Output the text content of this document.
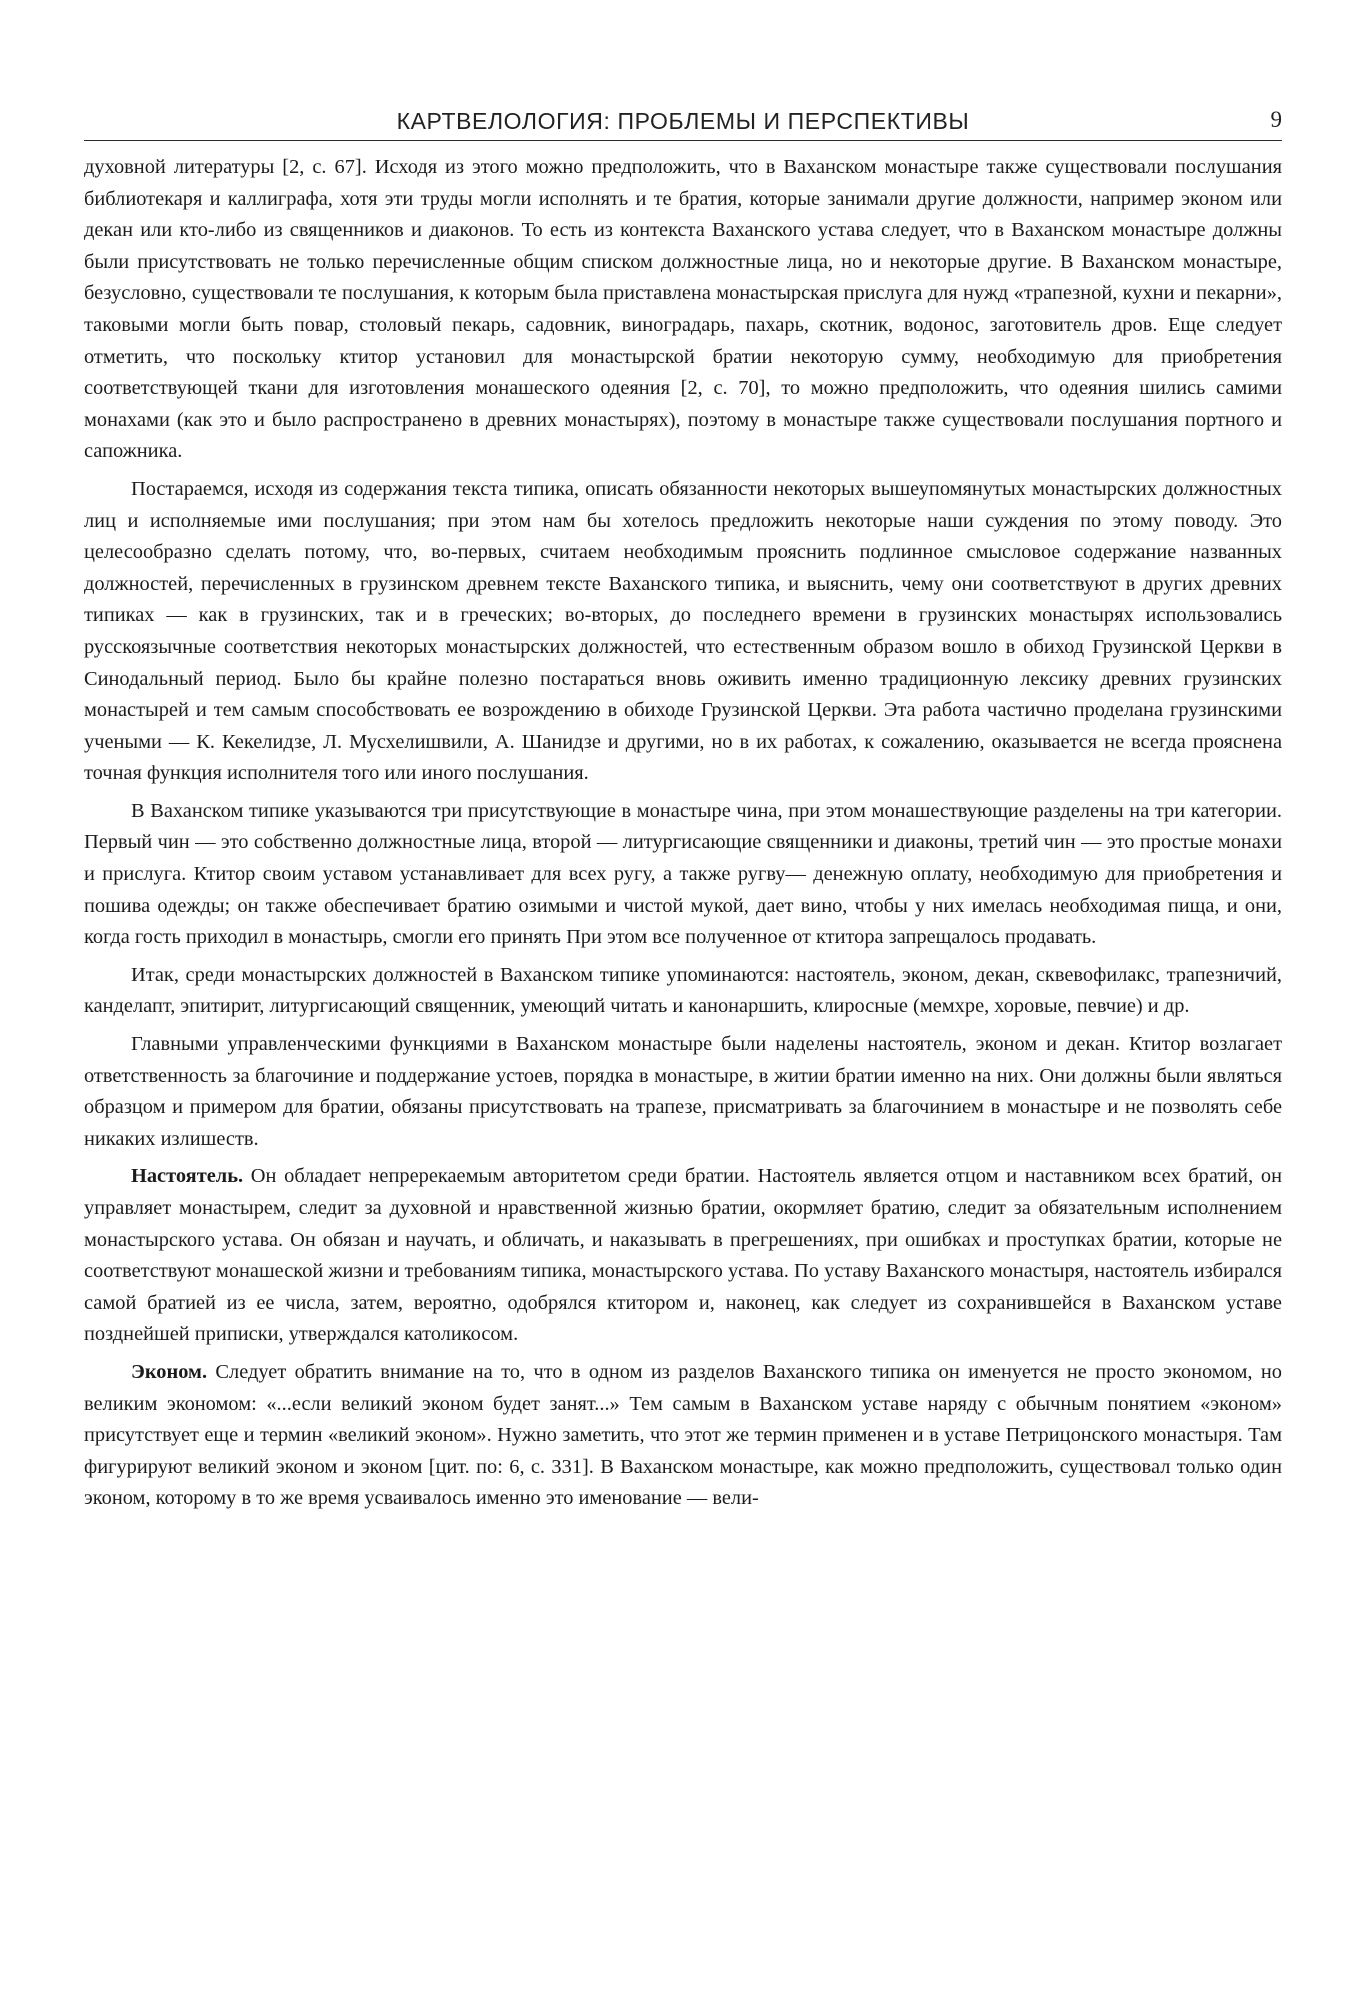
КАРТВЕЛОЛОГИЯ: ПРОБЛЕМЫ И ПЕРСПЕКТИВЫ	9

духовной литературы [2, с. 67]. Исходя из этого можно предположить, что в Ваханском монастыре также существовали послушания библиотекаря и каллиграфа, хотя эти труды могли исполнять и те братия, которые занимали другие должности, например эконом или декан или кто-либо из священников и диаконов. То есть из контекста Ваханского устава следует, что в Ваханском монастыре должны были присутствовать не только перечисленные общим списком должностные лица, но и некоторые другие. В Ваханском монастыре, безусловно, существовали те послушания, к которым была приставлена монастырская прислуга для нужд «трапезной, кухни и пекарни», таковыми могли быть повар, столовый пекарь, садовник, виноградарь, пахарь, скотник, водонос, заготовитель дров. Еще следует отметить, что поскольку ктитор установил для монастырской братии некоторую сумму, необходимую для приобретения соответствующей ткани для изготовления монашеского одеяния [2, с. 70], то можно предположить, что одеяния шились самими монахами (как это и было распространено в древних монастырях), поэтому в монастыре также существовали послушания портного и сапожника.

Постараемся, исходя из содержания текста типика, описать обязанности некоторых вышеупомянутых монастырских должностных лиц и исполняемые ими послушания; при этом нам бы хотелось предложить некоторые наши суждения по этому поводу. Это целесообразно сделать потому, что, во-первых, считаем необходимым прояснить подлинное смысловое содержание названных должностей, перечисленных в грузинском древнем тексте Ваханского типика, и выяснить, чему они соответствуют в других древних типиках — как в грузинских, так и в греческих; во-вторых, до последнего времени в грузинских монастырях использовались русскоязычные соответствия некоторых монастырских должностей, что естественным образом вошло в обиход Грузинской Церкви в Синодальный период. Было бы крайне полезно постараться вновь оживить именно традиционную лексику древних грузинских монастырей и тем самым способствовать ее возрождению в обиходе Грузинской Церкви. Эта работа частично проделана грузинскими учеными — К. Кекелидзе, Л. Мусхелишвили, А. Шанидзе и другими, но в их работах, к сожалению, оказывается не всегда прояснена точная функция исполнителя того или иного послушания.

В Ваханском типике указываются три присутствующие в монастыре чина, при этом монашествующие разделены на три категории. Первый чин — это собственно должностные лица, второй — литургисающие священники и диаконы, третий чин — это простые монахи и прислуга. Ктитор своим уставом устанавливает для всех ругу, а также ругву— денежную оплату, необходимую для приобретения и пошива одежды; он также обеспечивает братию озимыми и чистой мукой, дает вино, чтобы у них имелась необходимая пища, и они, когда гость приходил в монастырь, смогли его принять При этом все полученное от ктитора запрещалось продавать.

Итак, среди монастырских должностей в Ваханском типике упоминаются: настоятель, эконом, декан, сквевофилакс, трапезничий, канделапт, эпитирит, литургисающий священник, умеющий читать и канонаршить, клиросные (мемхре, хоровые, певчие) и др.

Главными управленческими функциями в Ваханском монастыре были наделены настоятель, эконом и декан. Ктитор возлагает ответственность за благочиние и поддержание устоев, порядка в монастыре, в житии братии именно на них. Они должны были являться образцом и примером для братии, обязаны присутствовать на трапезе, присматривать за благочинием в монастыре и не позволять себе никаких излишеств.

Настоятель. Он обладает непререкаемым авторитетом среди братии. Настоятель является отцом и наставником всех братий, он управляет монастырем, следит за духовной и нравственной жизнью братии, окормляет братию, следит за обязательным исполнением монастырского устава. Он обязан и научать, и обличать, и наказывать в прегрешениях, при ошибках и проступках братии, которые не соответствуют монашеской жизни и требованиям типика, монастырского устава. По уставу Ваханского монастыря, настоятель избирался самой братией из ее числа, затем, вероятно, одобрялся ктитором и, наконец, как следует из сохранившейся в Ваханском уставе позднейшей приписки, утверждался католикосом.

Эконом. Следует обратить внимание на то, что в одном из разделов Ваханского типика он именуется не просто экономом, но великим экономом: «...если великий эконом будет занят...» Тем самым в Ваханском уставе наряду с обычным понятием «эконом» присутствует еще и термин «великий эконом». Нужно заметить, что этот же термин применен и в уставе Петрицонского монастыря. Там фигурируют великий эконом и эконом [цит. по: 6, с. 331]. В Ваханском монастыре, как можно предположить, существовал только один эконом, которому в то же время усваивалось именно это именование — вели-
